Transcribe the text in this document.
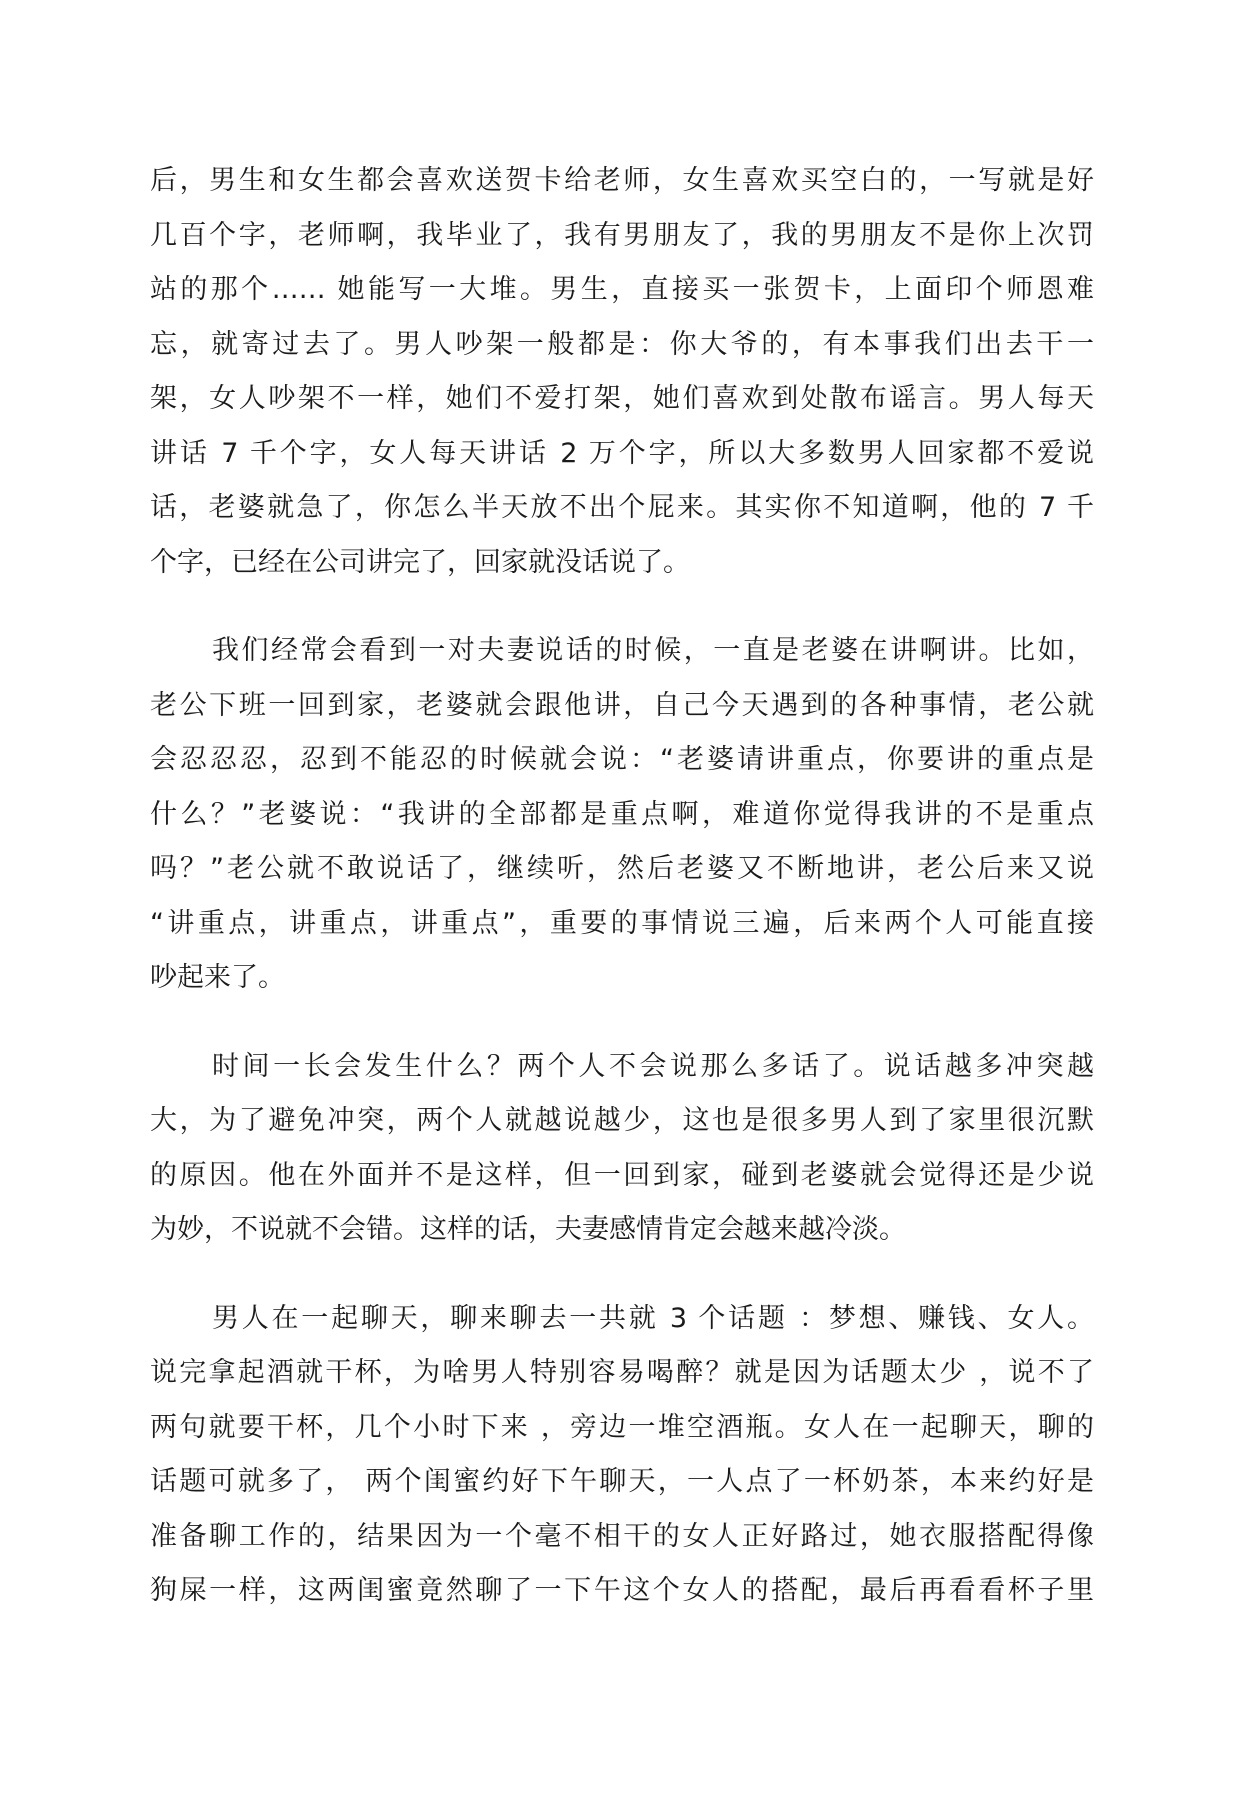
后，男生和女生都会喜欢送贺卡给老师，女生喜欢买空白的，一写就是好
几百个字，老师啊，我毕业了，我有男朋友了，我的男朋友不是你上次罚
站的那个…… 她能写一大堆。男生，直接买一张贺卡，上面印个师恩难
忘，就寄过去了。男人吵架一般都是：你大爷的，有本事我们出去干一
架，女人吵架不一样，她们不爱打架，她们喜欢到处散布谣言。男人每天
讲话 7 千个字，女人每天讲话 2 万个字，所以大多数男人回家都不爱说
话，老婆就急了，你怎么半天放不出个屁来。其实你不知道啊，他的 7 千
个字，已经在公司讲完了，回家就没话说了。
我们经常会看到一对夫妻说话的时候，一直是老婆在讲啊讲。比如，
老公下班一回到家，老婆就会跟他讲，自己今天遇到的各种事情，老公就
会忍忍忍，忍到不能忍的时候就会说：“老婆请讲重点，你要讲的重点是
什么？”老婆说：“我讲的全部都是重点啊，难道你觉得我讲的不是重点
吗？”老公就不敢说话了，继续听，然后老婆又不断地讲，老公后来又说
“讲重点，讲重点，讲重点”，重要的事情说三遍，后来两个人可能直接
吵起来了。
时间一长会发生什么？两个人不会说那么多话了。说话越多冲突越
大，为了避免冲突，两个人就越说越少，这也是很多男人到了家里很沉默
的原因。他在外面并不是这样，但一回到家，碰到老婆就会觉得还是少说
为妙，不说就不会错。这样的话，夫妻感情肯定会越来越冷淡。
男人在一起聊天，聊来聊去一共就 3 个话题 ：梦想、赚钱、女人。
说完拿起酒就干杯，为啥男人特别容易喝醉？就是因为话题太少 ，说不了
两句就要干杯，几个小时下来 ，旁边一堆空酒瓶。女人在一起聊天，聊的
话题可就多了， 两个闺蜜约好下午聊天，一人点了一杯奶茶，本来约好是
准备聊工作的，结果因为一个毫不相干的女人正好路过，她衣服搭配得像
狗屎一样，这两闺蜜竟然聊了一下午这个女人的搭配，最后再看看杯子里
